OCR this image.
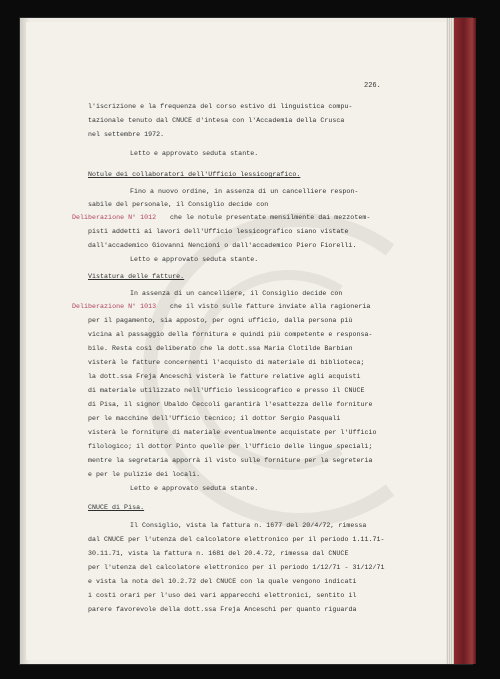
226.
l'iscrizione e la frequenza del corso estivo di linguistica compu-
tazionale tenuto dal CNUCE d'intesa con l'Accademia della Crusca
nel settembre 1972.
Letto e approvato seduta stante.
Notule dei collaboratori dell'Ufficio lessicografico.
Fino a nuovo ordine, in assenza di un cancelliere respon-
sabile del personale, il Consiglio decide con
Deliberazione N° 1012 che le notule presentate mensilmente dai mezzotem-
pisti addetti ai lavori dell'Ufficio lessicografico siano vistate
dall'accademico Giovanni Nencioni o dall'accademico Piero Fiorelli.
Letto e approvato seduta stante.
Vistatura delle fatture.
In assenza di un cancelliere, il Consiglio decide con
Deliberazione N° 1013 che il visto sulle fatture inviate alla ragioneria
per il pagamento, sia apposto, per ogni ufficio, dalla persona più
vicina al passaggio della fornitura e quindi più competente e responsa-
bile. Resta così deliberato che la dott.ssa Maria Clotilde Barbian
visterà le fatture concernenti l'acquisto di materiale di biblioteca;
la dott.ssa Freja Anceschi visterà le fatture relative agli acquisti
di materiale utilizzato nell'Ufficio lessicografico e presso il CNUCE
di Pisa, il signor Ubaldo Ceccoli garantirà l'esattezza delle forniture
per le macchine dell'Ufficio tecnico; il dottor Sergio Pasquali
visterà le forniture di materiale eventualmente acquistate per l'Ufficio
filologico; il dottor Pinto quelle per l'Ufficio delle lingue speciali;
mentre la segretaria apporrà il visto sulle forniture per la segreteria
e per le pulizie dei locali.
Letto e approvato seduta stante.
CNUCE di Pisa.
Il Consiglio, vista la fattura n. 1677 del 20/4/72, rimessa
dal CNUCE per l'utenza del calcolatore elettronico per il periodo 1.11.71-
30.11.71, vista la fattura n. 1681 del 20.4.72, rimessa dal CNUCE
per l'utenza del calcolatore elettronico per il periodo 1/12/71 - 31/12/71
e vista la nota del 10.2.72 del CNUCE con la quale vengono indicati
i costi orari per l'uso dei vari apparecchi elettronici, sentito il
parere favorevole della dott.ssa Freja Anceschi per quanto riguarda
